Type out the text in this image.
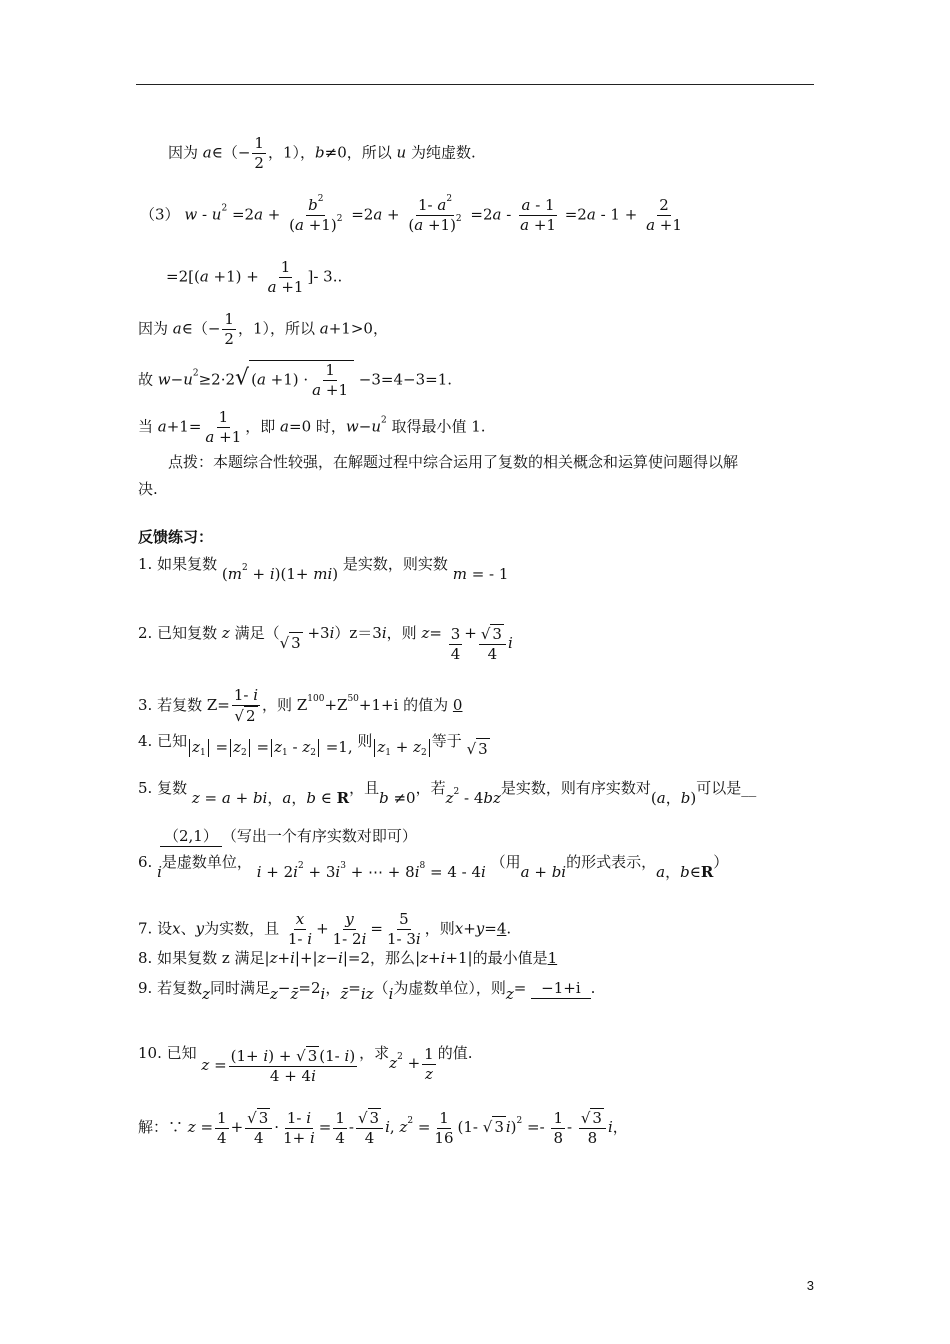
因为 a∈（− $\frac{1}{2}$ ，1），b≠0，所以 u 为纯虚数.
（3） $w - u^2 =2a + \frac{b^2}{(a +1)^2} =2a + \frac{1- a^2}{(a +1)^2} =2a - \frac{a - 1}{a +1} =2a - 1 + \frac{2}{a +1}$
$=2[(a +1) + \frac{1}{a +1}$ ]- 3..
因为 a∈（− $\frac{1}{2}$ ，1），所以 a+1>0，
故 $w-u^2\ge 2\cdot 2√$ $(a +1) \cdot \frac{1}{a +1} -3=4-3=1$.
当 $a+1= \frac{1}{a +1}$ ，即 a=0 时，$w-u^2$ 取得最小值 1.
点拨：本题综合性较强，在解题过程中综合运用了复数的相关概念和运算使问题得以解
决.
反馈练习：
1. 如果复数 $(m^2 + i)(1+ mi)$ 是实数，则实数 m = - 1
2. 已知复数 z 满足（√ 3 +3i）z＝3i，则 $z= \frac{3}{4} + \frac{√ 3}{4}$ i
3. 若复数 $Z= \frac{1- i}{√ 2}$ ，则 $Z^{100}+Z^{50}+1+i$ 的值为 0
4. 已知 $z_1 = z_2 = z_1 - z_2 =1$, 则 $z_1 + z_2$等于 √ 3
5. 复数 z = a + bi，a，b ∈ R，且b ≠0，若$z^2 - 4bz$是实数，则有序实数对(a，b)可以是__
（2,1） （写出一个有序实数对即可）
6. i是虚数单位， $i + 2i^2 + 3i^3$ + ⋯ + $8i^8 = 4 - 4i$ （用a + bi的形式表示，a，b∈R）
7. 设x、y为实数，且 $\frac{x}{1- i} + \frac{y}{1- 2i} = \frac{5}{1- 3i}$ ，则x+y=4.
8. 如果复数 z 满足|z+i|+|z−i|=2，那么|z+i+1|的最小值是1
9. 若复数z同时满足z−z̄=2i，z̄=iz（i为虚数单位），则z= −1+i .
10. 已知 $z = \frac{(1+ i) + √ 3 (1- i)}{4 + 4i}$ ，求$z^2 + \frac{1}{z}$ 的值.
解：∵ $z = \frac{1}{4} + \frac{√ 3}{4} \cdot \frac{1- i}{1+ i} = \frac{1}{4} - \frac{√ 3}{4} i$, $z^2 = \frac{1}{16} (1-$ √ 3 $i)^2 =- \frac{1}{8} - \frac{√ 3}{8}$ i，
3
